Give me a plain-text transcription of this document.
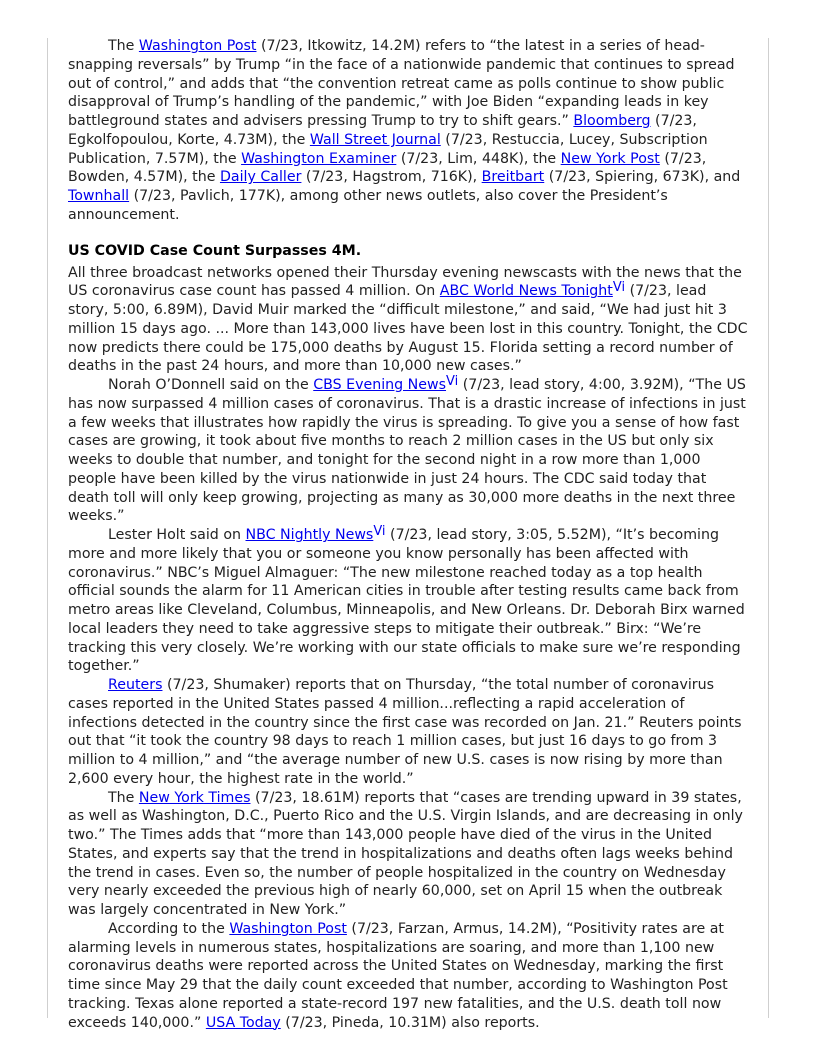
The Washington Post (7/23, Itkowitz, 14.2M) refers to “the latest in a series of head-snapping reversals” by Trump “in the face of a nationwide pandemic that continues to spread out of control,” and adds that “the convention retreat came as polls continue to show public disapproval of Trump’s handling of the pandemic,” with Joe Biden “expanding leads in key battleground states and advisers pressing Trump to try to shift gears.” Bloomberg (7/23, Egkolfopoulou, Korte, 4.73M), the Wall Street Journal (7/23, Restuccia, Lucey, Subscription Publication, 7.57M), the Washington Examiner (7/23, Lim, 448K), the New York Post (7/23, Bowden, 4.57M), the Daily Caller (7/23, Hagstrom, 716K), Breitbart (7/23, Spiering, 673K), and Townhall (7/23, Pavlich, 177K), among other news outlets, also cover the President’s announcement.

US COVID Case Count Surpasses 4M.

All three broadcast networks opened their Thursday evening newscasts with the news that the US coronavirus case count has passed 4 million. On ABC World News Tonight$^{Vi}$ (7/23, lead story, 5:00, 6.89M), David Muir marked the “difficult milestone,” and said, “We had just hit 3 million 15 days ago. ... More than 143,000 lives have been lost in this country. Tonight, the CDC now predicts there could be 175,000 deaths by August 15. Florida setting a record number of deaths in the past 24 hours, and more than 10,000 new cases.”

Norah O’Donnell said on the CBS Evening News$^{Vi}$ (7/23, lead story, 4:00, 3.92M), “The US has now surpassed 4 million cases of coronavirus. That is a drastic increase of infections in just a few weeks that illustrates how rapidly the virus is spreading. To give you a sense of how fast cases are growing, it took about five months to reach 2 million cases in the US but only six weeks to double that number, and tonight for the second night in a row more than 1,000 people have been killed by the virus nationwide in just 24 hours. The CDC said today that death toll will only keep growing, projecting as many as 30,000 more deaths in the next three weeks.”

Lester Holt said on NBC Nightly News$^{Vi}$ (7/23, lead story, 3:05, 5.52M), “It’s becoming more and more likely that you or someone you know personally has been affected with coronavirus.” NBC’s Miguel Almaguer: “The new milestone reached today as a top health official sounds the alarm for 11 American cities in trouble after testing results came back from metro areas like Cleveland, Columbus, Minneapolis, and New Orleans. Dr. Deborah Birx warned local leaders they need to take aggressive steps to mitigate their outbreak.” Birx: “We’re tracking this very closely. We’re working with our state officials to make sure we’re responding together.”

Reuters (7/23, Shumaker) reports that on Thursday, “the total number of coronavirus cases reported in the United States passed 4 million...reflecting a rapid acceleration of infections detected in the country since the first case was recorded on Jan. 21.” Reuters points out that “it took the country 98 days to reach 1 million cases, but just 16 days to go from 3 million to 4 million,” and “the average number of new U.S. cases is now rising by more than 2,600 every hour, the highest rate in the world.”

The New York Times (7/23, 18.61M) reports that “cases are trending upward in 39 states, as well as Washington, D.C., Puerto Rico and the U.S. Virgin Islands, and are decreasing in only two.” The Times adds that “more than 143,000 people have died of the virus in the United States, and experts say that the trend in hospitalizations and deaths often lags weeks behind the trend in cases. Even so, the number of people hospitalized in the country on Wednesday very nearly exceeded the previous high of nearly 60,000, set on April 15 when the outbreak was largely concentrated in New York.”

According to the Washington Post (7/23, Farzan, Armus, 14.2M), “Positivity rates are at alarming levels in numerous states, hospitalizations are soaring, and more than 1,100 new coronavirus deaths were reported across the United States on Wednesday, marking the first time since May 29 that the daily count exceeded that number, according to Washington Post tracking. Texas alone reported a state-record 197 new fatalities, and the U.S. death toll now exceeds 140,000.” USA Today (7/23, Pineda, 10.31M) also reports.
